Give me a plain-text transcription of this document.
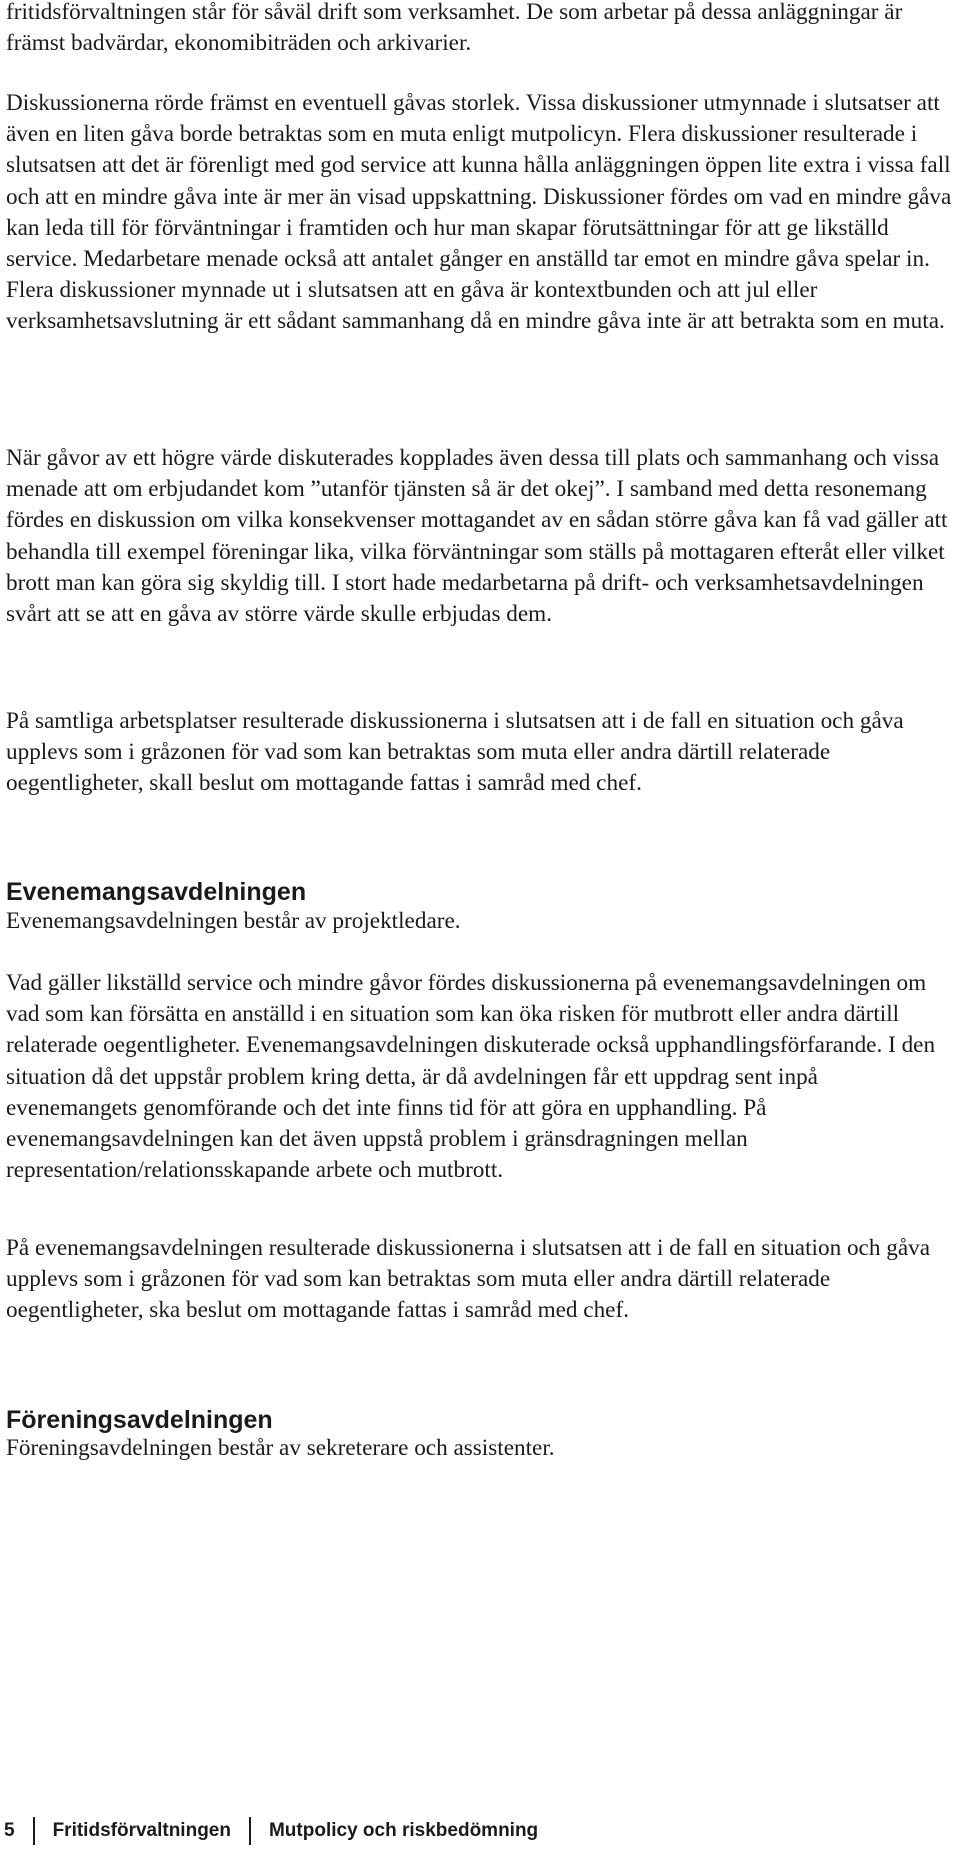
fritidsförvaltningen står för såväl drift som verksamhet. De som arbetar på dessa anläggningar är främst badvärdar, ekonomibiträden och arkivarier.

Diskussionerna rörde främst en eventuell gåvas storlek. Vissa diskussioner utmynnade i slutsatser att även en liten gåva borde betraktas som en muta enligt mutpolicyn. Flera diskussioner resulterade i slutsatsen att det är förenligt med god service att kunna hålla anläggningen öppen lite extra i vissa fall och att en mindre gåva inte är mer än visad uppskattning. Diskussioner fördes om vad en mindre gåva kan leda till för förväntningar i framtiden och hur man skapar förutsättningar för att ge likställd service. Medarbetare menade också att antalet gånger en anställd tar emot en mindre gåva spelar in. Flera diskussioner mynnade ut i slutsatsen att en gåva är kontextbunden och att jul eller verksamhetsavslutning är ett sådant sammanhang då en mindre gåva inte är att betrakta som en muta.

När gåvor av ett högre värde diskuterades kopplades även dessa till plats och sammanhang och vissa menade att om erbjudandet kom ”utanför tjänsten så är det okej”. I samband med detta resonemang fördes en diskussion om vilka konsekvenser mottagandet av en sådan större gåva kan få vad gäller att behandla till exempel föreningar lika, vilka förväntningar som ställs på mottagaren efteråt eller vilket brott man kan göra sig skyldig till. I stort hade medarbetarna på drift- och verksamhetsavdelningen svårt att se att en gåva av större värde skulle erbjudas dem.

På samtliga arbetsplatser resulterade diskussionerna i slutsatsen att i de fall en situation och gåva upplevs som i gråzonen för vad som kan betraktas som muta eller andra därtill relaterade oegentligheter, skall beslut om mottagande fattas i samråd med chef.

Evenemangsavdelningen

Evenemangsavdelningen består av projektledare.

Vad gäller likställd service och mindre gåvor fördes diskussionerna på evenemangsavdelningen om vad som kan försätta en anställd i en situation som kan öka risken för mutbrott eller andra därtill relaterade oegentligheter. Evenemangsavdelningen diskuterade också upphandlingsförfarande. I den situation då det uppstår problem kring detta, är då avdelningen får ett uppdrag sent inpå evenemangets genomförande och det inte finns tid för att göra en upphandling. På evenemangsavdelningen kan det även uppstå problem i gränsdragningen mellan representation/relationsskapande arbete och mutbrott.

På evenemangsavdelningen resulterade diskussionerna i slutsatsen att i de fall en situation och gåva upplevs som i gråzonen för vad som kan betraktas som muta eller andra därtill relaterade oegentligheter, ska beslut om mottagande fattas i samråd med chef.

Föreningsavdelningen

Föreningsavdelningen består av sekreterare och assistenter.

5 Fritidsförvaltningen Mutpolicy och riskbedömning
